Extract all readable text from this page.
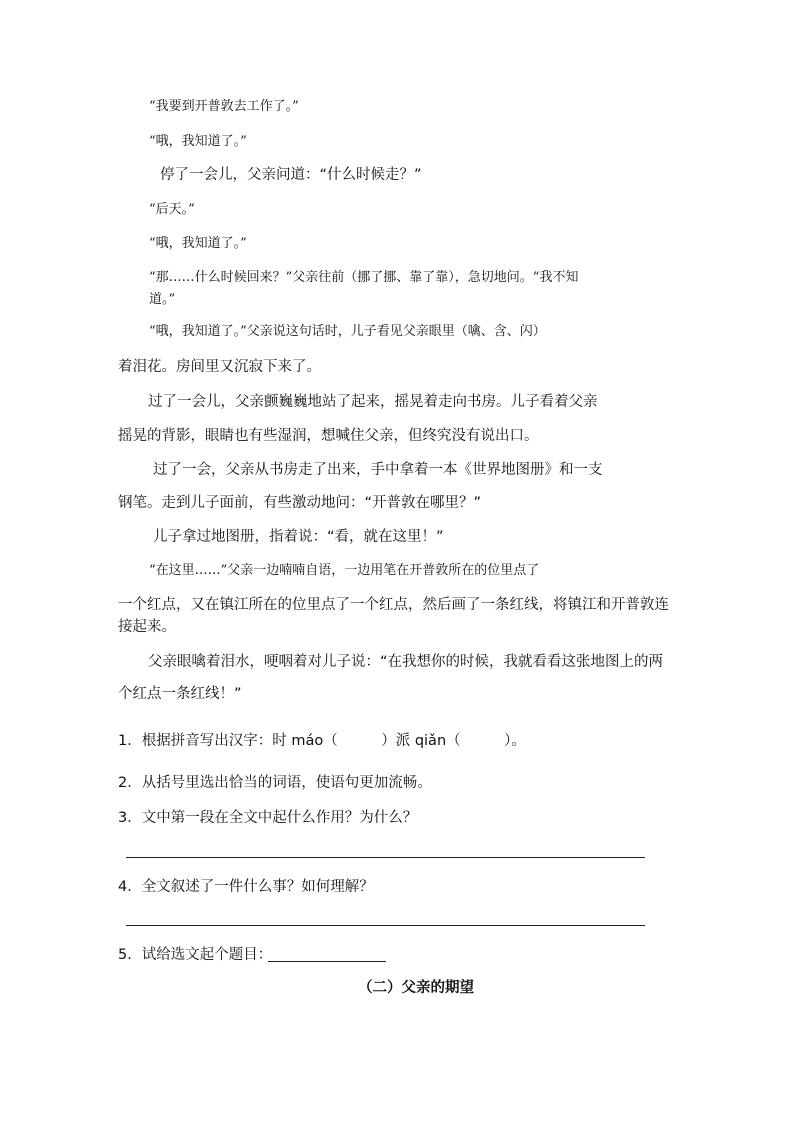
“我要到开普敦去工作了。”
“哦，我知道了。”
停了一会儿，父亲问道：“什么时候走？”
“后天。”
“哦，我知道了。”
“那……什么时候回来？”父亲往前（挪了挪、靠了靠），急切地问。“我不知
道。”
“哦，我知道了。”父亲说这句话时，儿子看见父亲眼里（噙、含、闪）
着泪花。房间里又沉寂下来了。
过了一会儿，父亲颤巍巍地站了起来，摇晃着走向书房。儿子看着父亲
摇晃的背影，眼睛也有些湿润，想喊住父亲，但终究没有说出口。
过了一会，父亲从书房走了出来，手中拿着一本《世界地图册》和一支
钢笔。走到儿子面前，有些激动地问：“开普敦在哪里？”
儿子拿过地图册，指着说：“看，就在这里！”
“在这里……”父亲一边喃喃自语，一边用笔在开普敦所在的位里点了
一个红点，又在镇江所在的位里点了一个红点，然后画了一条红线，将镇江和开普敦连
接起来。
父亲眼噙着泪水，哽咽着对儿子说：“在我想你的时候，我就看看这张地图上的两
个红点一条红线！”
1．根据拼音写出汉字：时 máo（　　　）派 qiǎn（　　　）。
2．从括号里选出恰当的词语，使语句更加流畅。
3．文中第一段在全文中起什么作用？为什么？
4．全文叙述了一件什么事？如何理解？
5．试给选文起个题目：
（二）父亲的期望
